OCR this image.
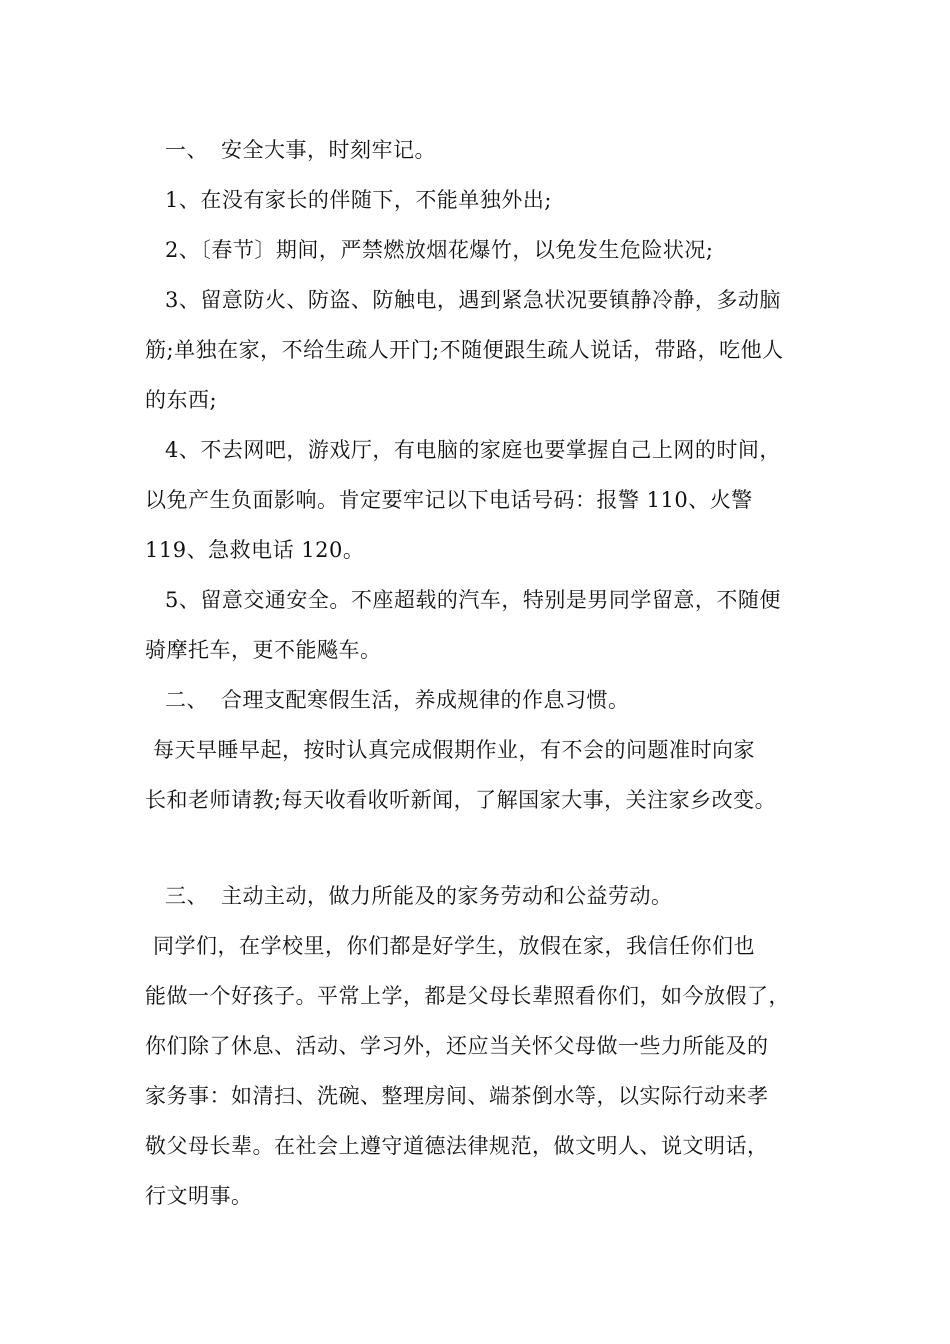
一、 安全大事，时刻牢记。
1、在没有家长的伴随下，不能单独外出;
2、〔春节〕期间，严禁燃放烟花爆竹，以免发生危险状况;
3、留意防火、防盗、防触电，遇到紧急状况要镇静冷静，多动脑
筋;单独在家，不给生疏人开门;不随便跟生疏人说话，带路，吃他人
的东西;
4、不去网吧，游戏厅，有电脑的家庭也要掌握自己上网的时间，
以免产生负面影响。肯定要牢记以下电话号码：报警 110、火警
119、急救电话 120。
5、留意交通安全。不座超载的汽车，特别是男同学留意，不随便
骑摩托车，更不能飚车。
二、 合理支配寒假生活，养成规律的作息习惯。
每天早睡早起，按时认真完成假期作业，有不会的问题准时向家
长和老师请教;每天收看收听新闻，了解国家大事，关注家乡改变。
三、 主动主动，做力所能及的家务劳动和公益劳动。
同学们，在学校里，你们都是好学生，放假在家，我信任你们也
能做一个好孩子。平常上学，都是父母长辈照看你们，如今放假了，
你们除了休息、活动、学习外，还应当关怀父母做一些力所能及的
家务事：如清扫、洗碗、整理房间、端茶倒水等，以实际行动来孝
敬父母长辈。在社会上遵守道德法律规范，做文明人、说文明话，
行文明事。
